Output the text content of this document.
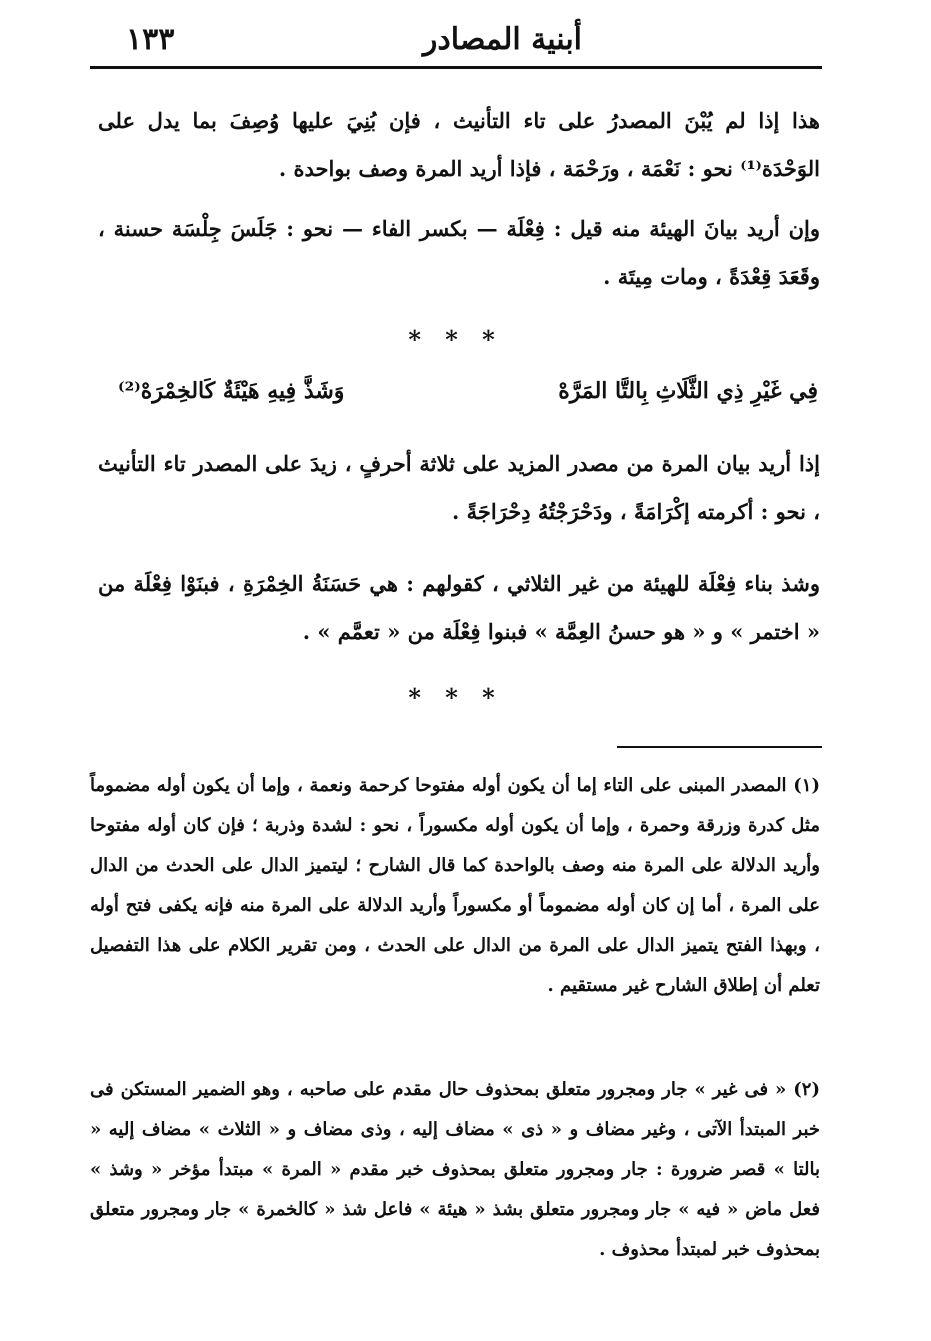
أبنية المصادر
١٣٣

هذا إذا لم يُبْنَ المصدرُ على تاء التأنيث ، فإن بُنِيَ عليها وُصِفَ بما يدل على الوَحْدَة⁽¹⁾ نحو : نَعْمَة ، ورَحْمَة ، فإذا أريد المرة وصف بواحدة .

وإن أريد بيانَ الهيئة منه قيل : فِعْلَة — بكسر الفاء — نحو : جَلَسَ جِلْسَة حسنة ، وقَعَدَ قِعْدَةً ، ومات مِيتَة .

* * *
فِي غَيْرِ ذِي الثَّلَاثِ بِالتَّا المَرَّهْ
وَشَذَّ فِيهِ هَيْئَةٌ كَالخِمْرَهْ⁽²⁾

إذا أريد بيان المرة من مصدر المزيد على ثلاثة أحرفٍ ، زيدَ على المصدر تاء التأنيث ، نحو : أكرمته إكْرَامَةً ، ودَحْرَجْتُهُ دِحْرَاجَةً .

وشذ بناء فِعْلَة للهيئة من غير الثلاثي ، كقولهم : هي حَسَنَةُ الخِمْرَةِ ، فبنَوْا فِعْلَة من « اختمر » و « هو حسنُ العِمَّة » فبنوا فِعْلَة من « تعمَّم » .

* * *

(١) المصدر المبنى على التاء إما أن يكون أوله مفتوحا كرحمة ونعمة ، وإما أن يكون أوله مضموماً مثل كدرة وزرقة وحمرة ، وإما أن يكون أوله مكسوراً ، نحو : لشدة وذربة ؛ فإن كان أوله مفتوحا وأريد الدلالة على المرة منه وصف بالواحدة كما قال الشارح ؛ ليتميز الدال على الحدث من الدال على المرة ، أما إن كان أوله مضموماً أو مكسوراً وأريد الدلالة على المرة منه فإنه يكفى فتح أوله ، وبهذا الفتح يتميز الدال على المرة من الدال على الحدث ، ومن تقرير الكلام على هذا التفصيل تعلم أن إطلاق الشارح غير مستقيم .

(٢) « فى غير » جار ومجرور متعلق بمحذوف حال مقدم على صاحبه ، وهو الضمير المستكن فى خبر المبتدأ الآتى ، وغير مضاف و « ذى » مضاف إليه ، وذى مضاف و « الثلاث » مضاف إليه « بالتا » قصر ضرورة : جار ومجرور متعلق بمحذوف خبر مقدم « المرة » مبتدأ مؤخر « وشذ » فعل ماض « فيه » جار ومجرور متعلق بشذ « هيئة » فاعل شذ « كالخمرة » جار ومجرور متعلق بمحذوف خبر لمبتدأ محذوف .
